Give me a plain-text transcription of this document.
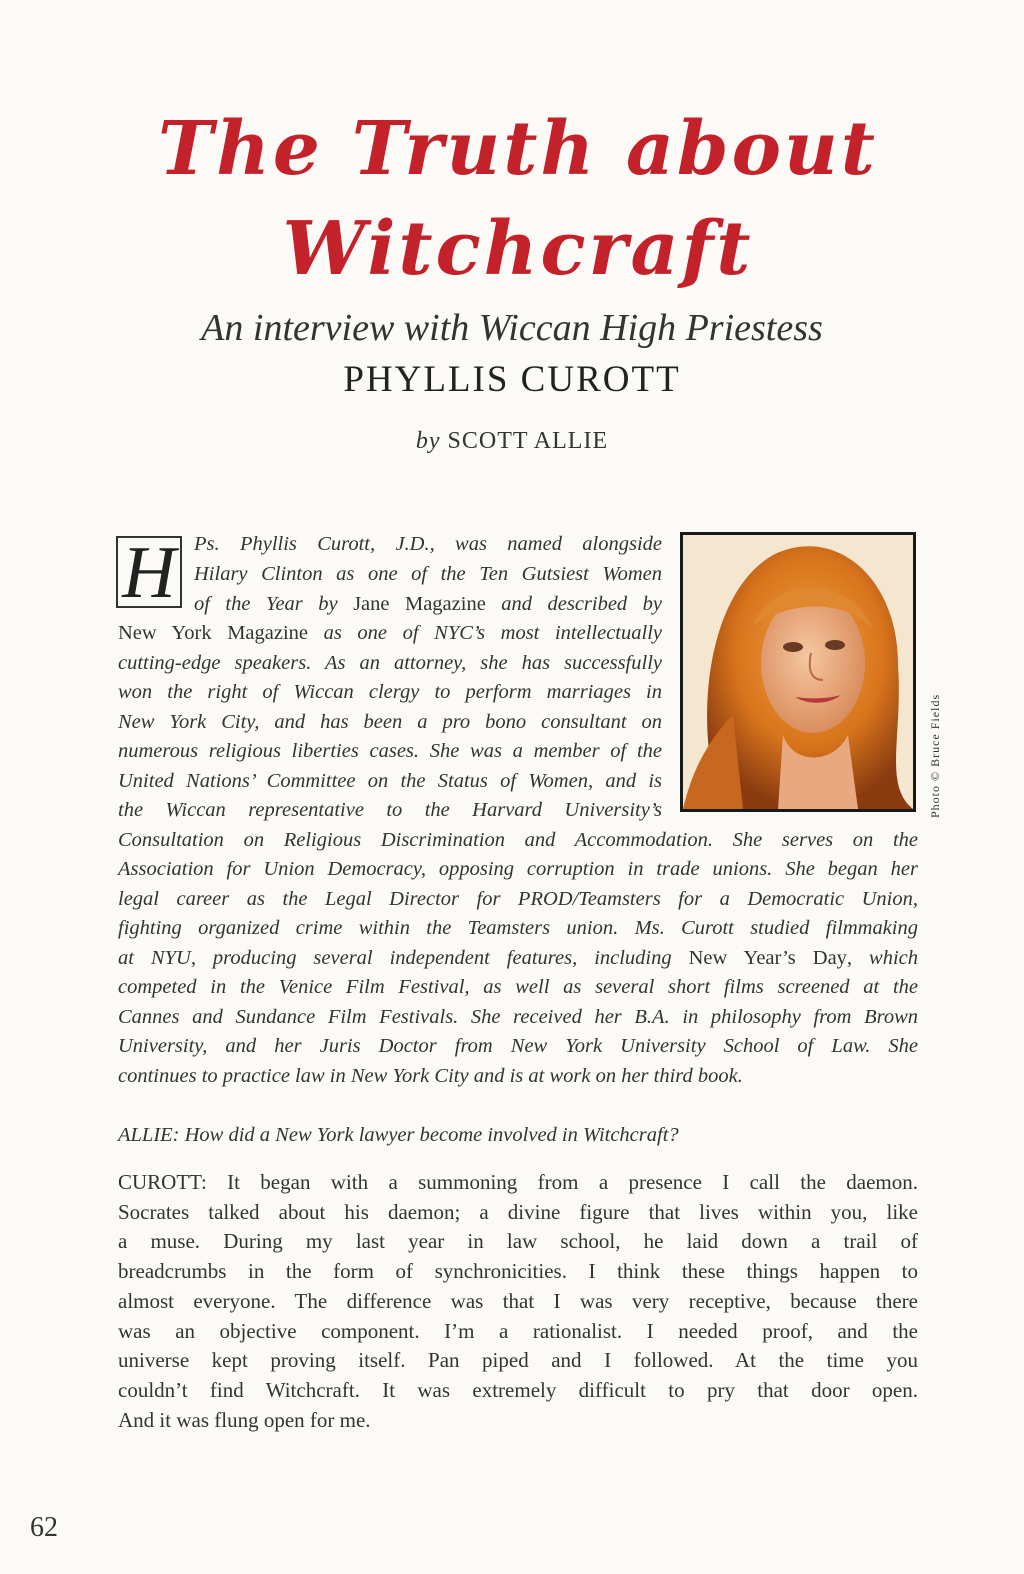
The Truth about
Witchcraft
An interview with Wiccan High Priestess
PHYLLIS CUROTT
by SCOTT ALLIE
Photo © Bruce Fields
H Ps. Phyllis Curott, J.D., was named alongside
Hilary Clinton as one of the Ten Gutsiest Women
of the Year by Jane Magazine and described by
New York Magazine as one of NYC’s most intellectually
cutting-edge speakers. As an attorney, she has successfully
won the right of Wiccan clergy to perform marriages in
New York City, and has been a pro bono consultant on
numerous religious liberties cases. She was a member of the
United Nations’ Committee on the Status of Women, and is
the Wiccan representative to the Harvard University’s
Consultation on Religious Discrimination and Accommodation. She serves on the
Association for Union Democracy, opposing corruption in trade unions. She began her
legal career as the Legal Director for PROD/Teamsters for a Democratic Union,
fighting organized crime within the Teamsters union. Ms. Curott studied filmmaking
at NYU, producing several independent features, including New Year’s Day, which
competed in the Venice Film Festival, as well as several short films screened at the
Cannes and Sundance Film Festivals. She received her B.A. in philosophy from Brown
University, and her Juris Doctor from New York University School of Law. She
continues to practice law in New York City and is at work on her third book.
ALLIE: How did a New York lawyer become involved in Witchcraft?
CUROTT: It began with a summoning from a presence I call the daemon.
Socrates talked about his daemon; a divine figure that lives within you, like
a muse. During my last year in law school, he laid down a trail of
breadcrumbs in the form of synchronicities. I think these things happen to
almost everyone. The difference was that I was very receptive, because there
was an objective component. I’m a rationalist. I needed proof, and the
universe kept proving itself. Pan piped and I followed. At the time you
couldn’t find Witchcraft. It was extremely difficult to pry that door open.
And it was flung open for me.
62
